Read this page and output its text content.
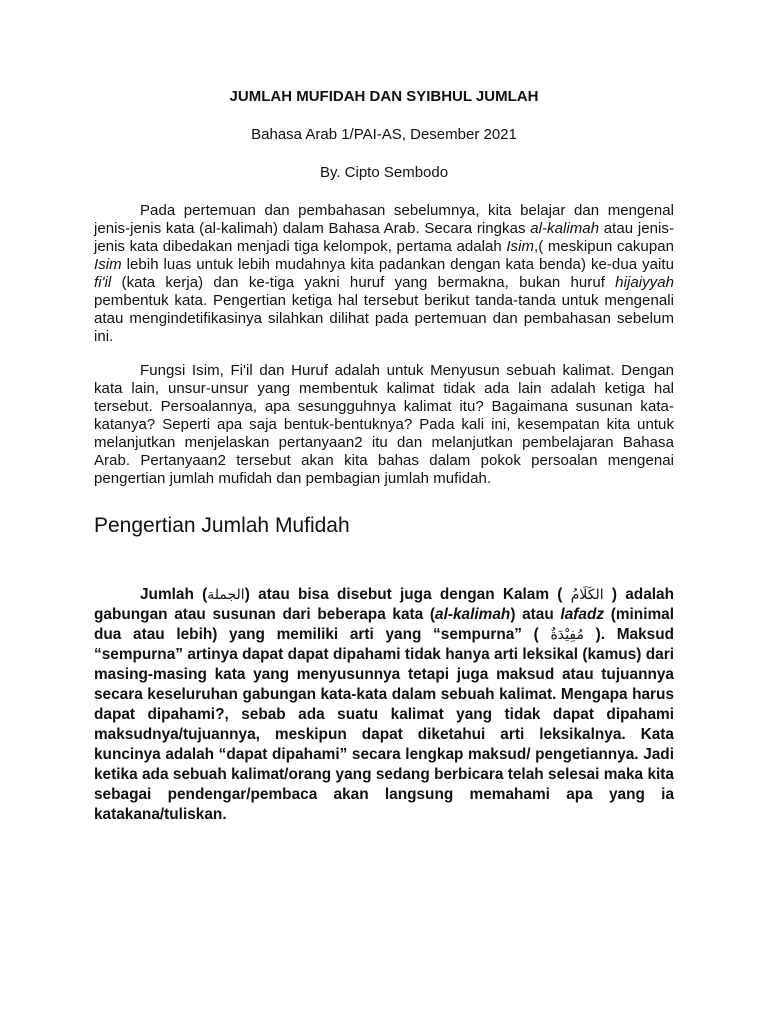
JUMLAH MUFIDAH DAN SYIBHUL JUMLAH

Bahasa Arab 1/PAI-AS, Desember 2021

By. Cipto Sembodo

Pada pertemuan dan pembahasan sebelumnya, kita belajar dan mengenal jenis-jenis kata (al-kalimah) dalam Bahasa Arab. Secara ringkas al-kalimah atau jenis-jenis kata dibedakan menjadi tiga kelompok, pertama adalah Isim,( meskipun cakupan Isim lebih luas untuk lebih mudahnya kita padankan dengan kata benda) ke-dua yaitu fi'il (kata kerja) dan ke-tiga yakni huruf yang bermakna, bukan huruf hijaiyyah pembentuk kata. Pengertian ketiga hal tersebut berikut tanda-tanda untuk mengenali atau mengindetifikasinya silahkan dilihat pada pertemuan dan pembahasan sebelum ini.

Fungsi Isim, Fi'il dan Huruf adalah untuk Menyusun sebuah kalimat. Dengan kata lain, unsur-unsur yang membentuk kalimat tidak ada lain adalah ketiga hal tersebut. Persoalannya, apa sesungguhnya kalimat itu? Bagaimana susunan kata-katanya? Seperti apa saja bentuk-bentuknya? Pada kali ini, kesempatan kita untuk melanjutkan menjelaskan pertanyaan2 itu dan melanjutkan pembelajaran Bahasa Arab. Pertanyaan2 tersebut akan kita bahas dalam pokok persoalan mengenai pengertian jumlah mufidah dan pembagian jumlah mufidah.

Pengertian Jumlah Mufidah

Jumlah (الجملة) atau bisa disebut juga dengan Kalam ( الكَلَامُ ) adalah gabungan atau susunan dari beberapa kata (al-kalimah) atau lafadz (minimal dua atau lebih) yang memiliki arti yang “sempurna” ( مُفِيْدَةٌ ). Maksud “sempurna” artinya dapat dapat dipahami tidak hanya arti leksikal (kamus) dari masing-masing kata yang menyusunnya tetapi juga maksud atau tujuannya secara keseluruhan gabungan kata-kata dalam sebuah kalimat. Mengapa harus dapat dipahami?, sebab ada suatu kalimat yang tidak dapat dipahami maksudnya/tujuannya, meskipun dapat diketahui arti leksikalnya. Kata kuncinya adalah “dapat dipahami” secara lengkap maksud/ pengetiannya. Jadi ketika ada sebuah kalimat/orang yang sedang berbicara telah selesai maka kita sebagai pendengar/pembaca akan langsung memahami apa yang ia katakana/tuliskan.
